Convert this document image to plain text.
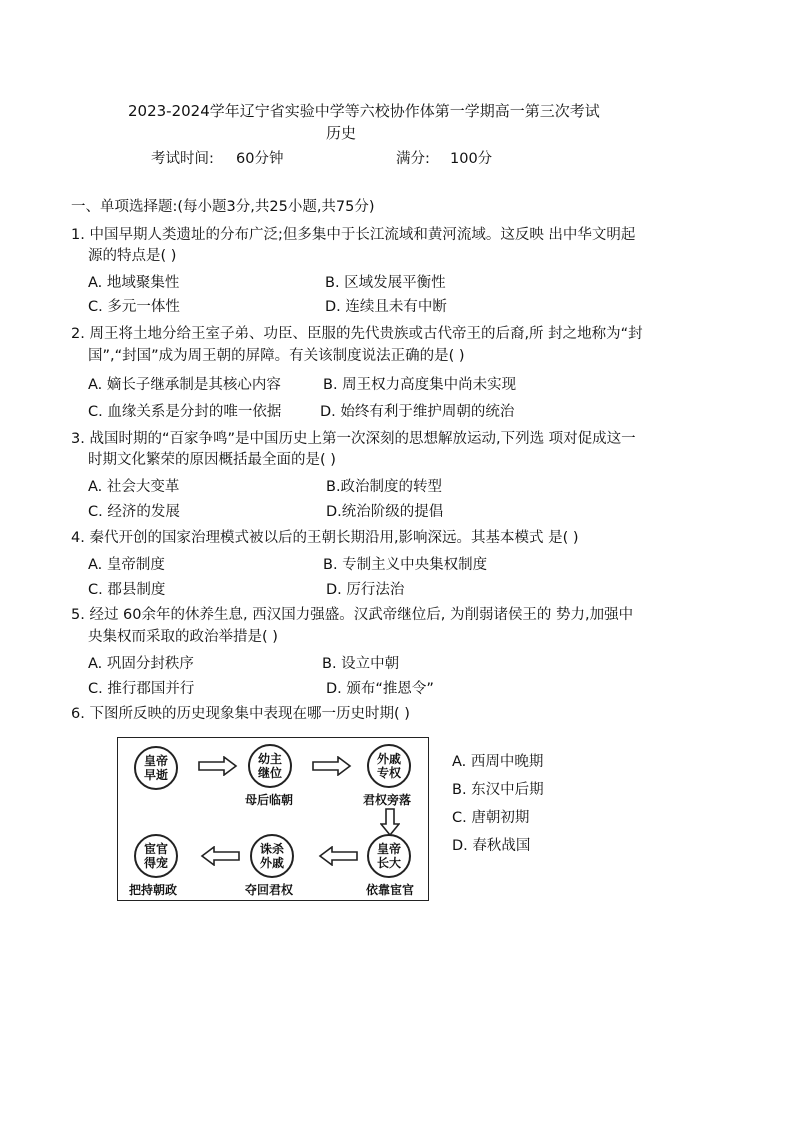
2023-2024学年辽宁省实验中学等六校协作体第一学期高一第三次考试
历史
考试时间: 60分钟	满分: 100分
一、单项选择题:(每小题3分,共25小题,共75分)
1. 中国早期人类遗址的分布广泛;但多集中于长江流域和黄河流域。这反映 出中华文明起
源的特点是( )
A. 地域聚集性	B. 区域发展平衡性
C. 多元一体性	D. 连续且未有中断
2. 周王将土地分给王室子弟、功臣、臣服的先代贵族或古代帝王的后裔,所 封之地称为“封
国”,“封国”成为周王朝的屏障。有关该制度说法正确的是( )
A. 嫡长子继承制是其核心内容	B. 周王权力高度集中尚未实现
C. 血缘关系是分封的唯一依据	D. 始终有利于维护周朝的统治
3. 战国时期的“百家争鸣”是中国历史上第一次深刻的思想解放运动,下列选 项对促成这一
时期文化繁荣的原因概括最全面的是( )
A. 社会大变革	B.政治制度的转型
C. 经济的发展	D.统治阶级的提倡
4. 秦代开创的国家治理模式被以后的王朝长期沿用,影响深远。其基本模式 是( )
A. 皇帝制度	B. 专制主义中央集权制度
C. 郡县制度	D. 厉行法治
5. 经过 60余年的休养生息, 西汉国力强盛。汉武帝继位后, 为削弱诸侯王的 势力,加强中
央集权而采取的政治举措是( )
A. 巩固分封秩序	B. 设立中朝
C. 推行郡国并行	D. 颁布“推恩令”
6. 下图所反映的历史现象集中表现在哪一历史时期( )
皇帝早逝
幼主继位
母后临朝
外戚专权
君权旁落
宦官得宠
把持朝政
诛杀外戚
夺回君权
皇帝长大
依靠宦官
A. 西周中晚期
B. 东汉中后期
C. 唐朝初期
D. 春秋战国
